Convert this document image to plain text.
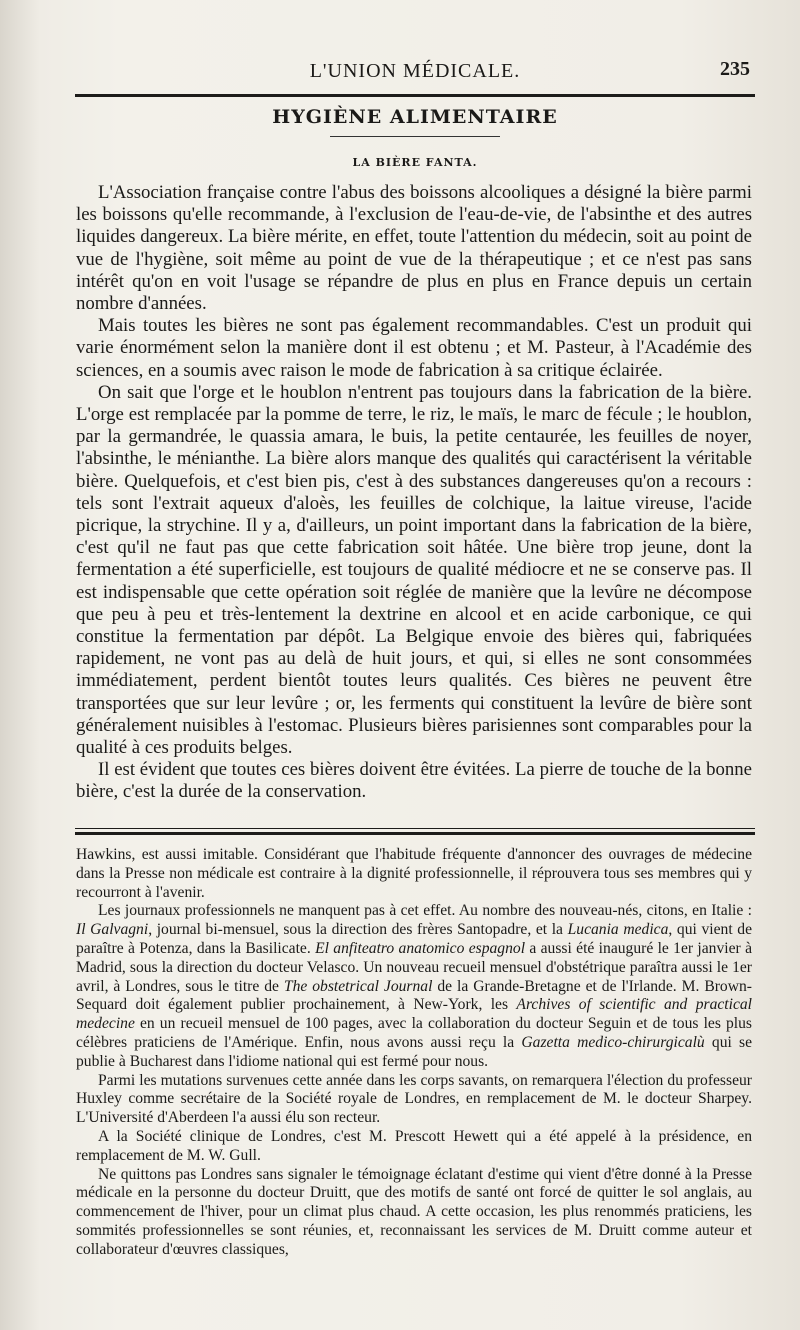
L'UNION MÉDICALE.	235
HYGIÈNE ALIMENTAIRE
LA BIÈRE FANTA.

L'Association française contre l'abus des boissons alcooliques a désigné la bière parmi les boissons qu'elle recommande, à l'exclusion de l'eau-de-vie, de l'absinthe et des autres liquides dangereux. La bière mérite, en effet, toute l'attention du médecin, soit au point de vue de l'hygiène, soit même au point de vue de la thérapeutique ; et ce n'est pas sans intérêt qu'on en voit l'usage se répandre de plus en plus en France depuis un certain nombre d'années.

Mais toutes les bières ne sont pas également recommandables. C'est un produit qui varie énormément selon la manière dont il est obtenu ; et M. Pasteur, à l'Académie des sciences, en a soumis avec raison le mode de fabrication à sa critique éclairée.

On sait que l'orge et le houblon n'entrent pas toujours dans la fabrication de la bière. L'orge est remplacée par la pomme de terre, le riz, le maïs, le marc de fécule ; le houblon, par la germandrée, le quassia amara, le buis, la petite centaurée, les feuilles de noyer, l'absinthe, le ménianthe. La bière alors manque des qualités qui caractérisent la véritable bière. Quelquefois, et c'est bien pis, c'est à des substances dangereuses qu'on a recours : tels sont l'extrait aqueux d'aloès, les feuilles de colchique, la laitue vireuse, l'acide picrique, la strychine. Il y a, d'ailleurs, un point important dans la fabrication de la bière, c'est qu'il ne faut pas que cette fabrication soit hâtée. Une bière trop jeune, dont la fermentation a été superficielle, est toujours de qualité médiocre et ne se conserve pas. Il est indispensable que cette opération soit réglée de manière que la levûre ne décompose que peu à peu et très-lentement la dextrine en alcool et en acide carbonique, ce qui constitue la fermentation par dépôt. La Belgique envoie des bières qui, fabriquées rapidement, ne vont pas au delà de huit jours, et qui, si elles ne sont consommées immédiatement, perdent bientôt toutes leurs qualités. Ces bières ne peuvent être transportées que sur leur levûre ; or, les ferments qui constituent la levûre de bière sont généralement nuisibles à l'estomac. Plusieurs bières parisiennes sont comparables pour la qualité à ces produits belges.

Il est évident que toutes ces bières doivent être évitées. La pierre de touche de la bonne bière, c'est la durée de la conservation.

Hawkins, est aussi imitable. Considérant que l'habitude fréquente d'annoncer des ouvrages de médecine dans la Presse non médicale est contraire à la dignité professionnelle, il réprouvera tous ses membres qui y recourront à l'avenir.

Les journaux professionnels ne manquent pas à cet effet. Au nombre des nouveau-nés, citons, en Italie : Il Galvagni, journal bi-mensuel, sous la direction des frères Santopadre, et la Lucania medica, qui vient de paraître à Potenza, dans la Basilicate. El anfiteatro anatomico espagnol a aussi été inauguré le 1er janvier à Madrid, sous la direction du docteur Velasco. Un nouveau recueil mensuel d'obstétrique paraîtra aussi le 1er avril, à Londres, sous le titre de The obstetrical Journal de la Grande-Bretagne et de l'Irlande. M. Brown-Sequard doit également publier prochainement, à New-York, les Archives of scientific and practical medecine en un recueil mensuel de 100 pages, avec la collaboration du docteur Seguin et de tous les plus célèbres praticiens de l'Amérique. Enfin, nous avons aussi reçu la Gazetta medico-chirurgicalù qui se publie à Bucharest dans l'idiome national qui est fermé pour nous.

Parmi les mutations survenues cette année dans les corps savants, on remarquera l'élection du professeur Huxley comme secrétaire de la Société royale de Londres, en remplacement de M. le docteur Sharpey. L'Université d'Aberdeen l'a aussi élu son recteur.

A la Société clinique de Londres, c'est M. Prescott Hewett qui a été appelé à la présidence, en remplacement de M. W. Gull.

Ne quittons pas Londres sans signaler le témoignage éclatant d'estime qui vient d'être donné à la Presse médicale en la personne du docteur Druitt, que des motifs de santé ont forcé de quitter le sol anglais, au commencement de l'hiver, pour un climat plus chaud. A cette occasion, les plus renommés praticiens, les sommités professionnelles se sont réunies, et, reconnaissant les services de M. Druitt comme auteur et collaborateur d'œuvres classiques,
